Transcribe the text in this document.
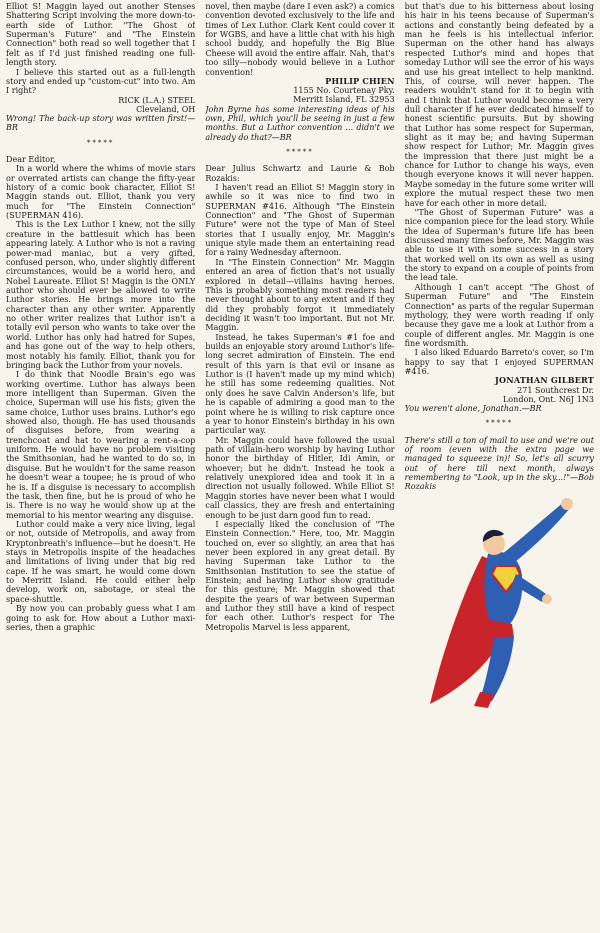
Elliot S! Maggin layed out another Stenses Shattering Script involving the more down-to-earth side of Luthor. "The Ghost of Superman's Future" and "The Einstein Connection" both read so well together that I felt as if I'd just finished reading one full-length story.

I believe this started out as a full-length story and ended up "custom-cut" into two. Am I right?

RICK (L.A.) STEEL
Cleveland, OH

Wrong! The back-up story was written first!—BR

*****

Dear Editor,

In a world where the whims of movie stars or overrated artists can change the fifty-year history of a comic book character, Elliot S! Maggin stands out. Elliot, thank you very much for "The Einstein Connection" (SUPERMAN 416).

This is the Lex Luthor I knew, not the silly creature in the battlesuit which has been appearing lately. A Luthor who is not a raving power-mad maniac, but a very gifted, confused person, who, under slightly different circumstances, would be a world hero, and Nobel Laureate. Elliot S! Maggin is the ONLY author who should ever be allowed to write Luthor stories. He brings more into the character than any other writer. Apparently no other writer realizes that Luthor isn't a totally evil person who wants to take over the world. Luthor has only had hatred for Supes, and has gone out of the way to help others, most notably his family. Elliot, thank you for bringing back the Luthor from your novels.

I do think that Noodle Brain's ego was working overtime. Luthor has always been more intelligent than Superman. Given the choice, Superman will use his fists; given the same choice, Luthor uses brains. Luthor's ego showed also, though. He has used thousands of disguises before, from wearing a trenchcoat and hat to wearing a rent-a-cop uniform. He would have no problem visiting the Smithsonian, had he wanted to do so, in disguise. But he wouldn't for the same reason he doesn't wear a toupee; he is proud of who he is. If a disguise is necessary to accomplish the task, then fine, but he is proud of who he is. There is no way he would show up at the memorial to his mentor wearing any disguise.

Luthor could make a very nice living, legal or not, outside of Metropolis, and away from Kryptonbreath's influence—but he doesn't. He stays in Metropolis inspite of the headaches and limitations of living under that big red cape. If he was smart, he would come down to Merritt Island. He could either help develop, work on, sabotage, or steal the space-shuttle.

By now you can probably guess what I am going to ask for. How about a Luthor maxi-series, then a graphic

novel, then maybe (dare I even ask?) a comics convention devoted exclusively to the life and times of Lex Luthor. Clark Kent could cover it for WGBS, and have a little chat with his high school buddy, and hopefully the Big Blue Cheese will avoid the entire affair. Nah, that's too silly—nobody would believe in a Luthor convention!

PHILIP CHIEN
1155 No. Courtenay Pky.
Merritt Island, FL 32953

John Byrne has some interesting ideas of his own, Phil, which you'll be seeing in just a few months. But a Luthor convention ... didn't we already do that?—BR

*****

Dear Julius Schwartz and Laurie & Bob Rozakis:

I haven't read an Elliot S! Maggin story in awhile so it was nice to find two in SUPERMAN #416. Although "The Einstein Connection" and "The Ghost of Superman Future" were not the type of Man of Steel stories that I usually enjoy, Mr. Maggin's unique style made them an entertaining read for a rainy Wednesday afternoon.

In "The Einstein Connection" Mr. Maggin entered an area of fiction that's not usually explored in detail—villains having heroes. This is probably something most readers had never thought about to any extent and if they did they probably forgot it immediately deciding it wasn't too important. But not Mr. Maggin.

Instead, he takes Superman's #1 foe and builds an enjoyable story around Luthor's life-long secret admiration of Einstein. The end result of this yarn is that evil or insane as Luthor is (I haven't made up my mind which) he still has some redeeming qualities. Not only does he save Calvin Anderson's life, but he is capable of admiring a good man to the point where he is willing to risk capture once a year to honor Einstein's birthday in his own particular way.

Mr. Maggin could have followed the usual path of villain-hero worship by having Luthor honor the birthday of Hitler, Idi Amin, or whoever; but he didn't. Instead he took a relatively unexplored idea and took it in a direction not usually followed. While Elliot S! Maggin stories have never been what I would call classics, they are fresh and entertaining enough to be just darn good fun to read.

I especially liked the conclusion of "The Einstein Connection." Here, too, Mr. Maggin touched on, ever so slightly, an area that has never been explored in any great detail. By having Superman take Luthor to the Smithsonian Institution to see the statue of Einstein; and having Luthor show gratitude for this gesture; Mr. Maggin showed that despite the years of war between Superman and Luthor they still have a kind of respect for each other. Luthor's respect for The Metropolis Marvel is less apparent,

but that's due to his bitterness about losing his hair in his teens because of Superman's actions and constantly being defeated by a man he feels is his intellectual inferior. Superman on the other hand has always respected Luthor's mind and hopes that someday Luthor will see the error of his ways and use his great intellect to help mankind. This, of course, will never happen. The readers wouldn't stand for it to begin with and I think that Luthor would become a very dull character if he ever dedicated himself to honest scientific pursuits. But by showing that Luthor has some respect for Superman, slight as it may be; and having Superman show respect for Luthor; Mr. Maggin gives the impression that there just might be a chance for Luthor to change his ways, even though everyone knows it will never happen. Maybe someday in the future some writer will explore the mutual respect these two men have for each other in more detail.

"The Ghost of Superman Future" was a nice companion piece for the lead story. While the idea of Superman's future life has been discussed many times before, Mr. Maggin was able to use it with some success in a story that worked well on its own as well as using the story to expand on a couple of points from the lead tale.

Although I can't accept "The Ghost of Superman Future" and "The Einstein Connection" as parts of the regular Superman mythology, they were worth reading if only because they gave me a look at Luthor from a couple of different angles. Mr. Maggin is one fine wordsmith.

I also liked Eduardo Barreto's cover, so I'm happy to say that I enjoyed SUPERMAN #416.

JONATHAN GILBERT
271 Southcrest Dr.
London, Ont. N6J 1N3

You weren't alone, Jonathan.—BR

*****

There's still a ton of mail to use and we're out of room (even with the extra page we managed to squeeze in)! So, let's all scurry out of here till next month, always remembering to "Look, up in the sky...!"—Bob Rozakis
